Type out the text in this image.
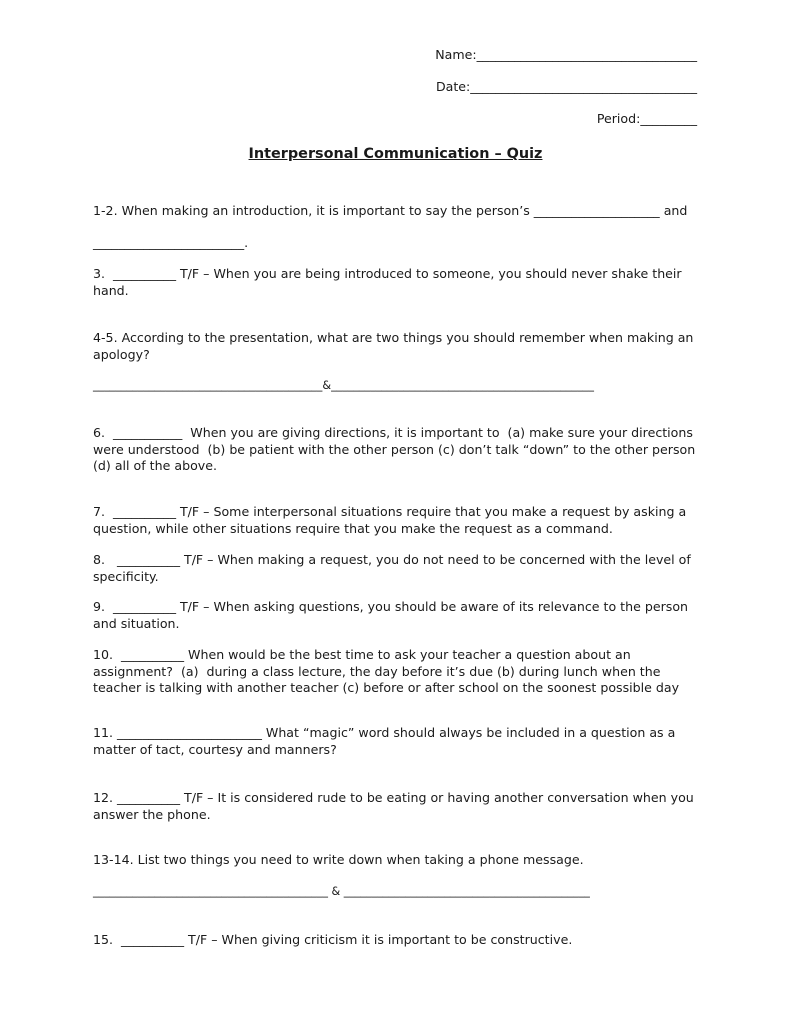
Name:___________________________________
Date:____________________________________
Period:_________
Interpersonal Communication – Quiz
1-2. When making an introduction, it is important to say the person’s ____________________ and
________________________.
3.  __________ T/F – When you are being introduced to someone, you should never shake their hand.
4-5. According to the presentation, what are two things you should remember when making an apology?
_________________________________________&_______________________________________________
6.  ___________  When you are giving directions, it is important to  (a) make sure your directions were understood  (b) be patient with the other person (c) don’t talk “down” to the other person (d) all of the above.
7.  __________ T/F – Some interpersonal situations require that you make a request by asking a question, while other situations require that you make the request as a command.
8.   __________ T/F – When making a request, you do not need to be concerned with the level of specificity.
9.  __________ T/F – When asking questions, you should be aware of its relevance to the person and situation.
10.  __________ When would be the best time to ask your teacher a question about an assignment?  (a)  during a class lecture, the day before it’s due (b) during lunch when the teacher is talking with another teacher (c) before or after school on the soonest possible day
11. _______________________ What “magic” word should always be included in a question as a matter of tact, courtesy and manners?
12. __________ T/F – It is considered rude to be eating or having another conversation when you answer the phone.
13-14. List two things you need to write down when taking a phone message.
__________________________________________ & ____________________________________________
15.  __________ T/F – When giving criticism it is important to be constructive.
